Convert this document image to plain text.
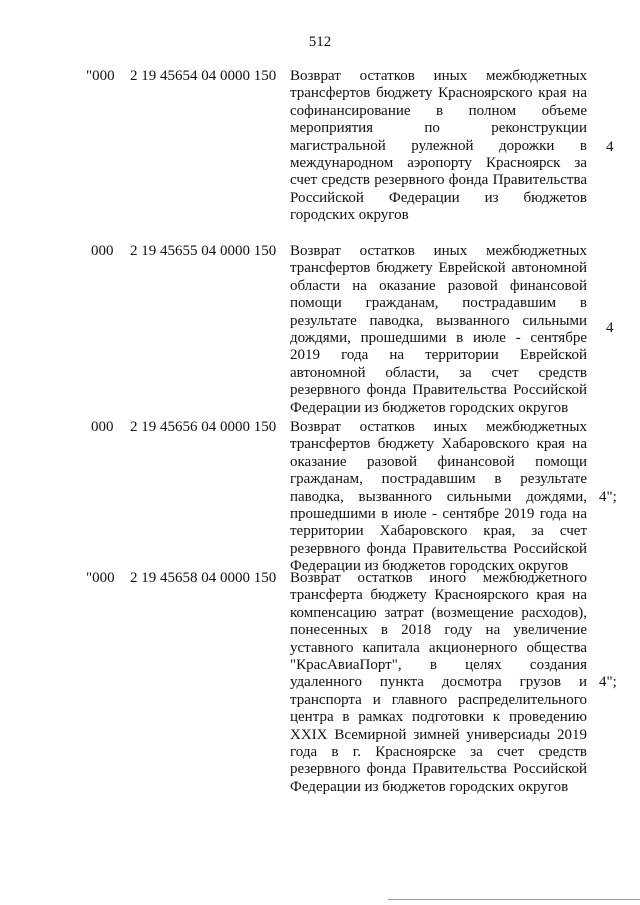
512
"000 2 19 45654 04 0000 150 Возврат остатков иных межбюджетных трансфертов бюджету Красноярского края на софинансирование в полном объеме мероприятия по реконструкции магистральной рулежной дорожки в международном аэропорту Красноярск за счет средств резервного фонда Правительства Российской Федерации из бюджетов городских округов

4
000 2 19 45655 04 0000 150 Возврат остатков иных межбюджетных трансфертов бюджету Еврейской автономной области на оказание разовой финансовой помощи гражданам, пострадавшим в результате паводка, вызванного сильными дождями, прошедшими в июле - сентябре 2019 года на территории Еврейской автономной области, за счет средств резервного фонда Правительства Российской Федерации из бюджетов городских округов

4
000 2 19 45656 04 0000 150 Возврат остатков иных межбюджетных трансфертов бюджету Хабаровского края на оказание разовой финансовой помощи гражданам, пострадавшим в результате паводка, вызванного сильными дождями, прошедшими в июле - сентябре 2019 года на территории Хабаровского края, за счет резервного фонда Правительства Российской Федерации из бюджетов городских округов

4";
"000 2 19 45658 04 0000 150 Возврат остатков иного межбюджетного трансферта бюджету Красноярского края на компенсацию затрат (возмещение расходов), понесенных в 2018 году на увеличение уставного капитала акционерного общества "КрасАвиаПорт", в целях создания удаленного пункта досмотра грузов и транспорта и главного распределительного центра в рамках подготовки к проведению XXIX Всемирной зимней универсиады 2019 года в г. Красноярске за счет средств резервного фонда Правительства Российской Федерации из бюджетов городских округов

4";
